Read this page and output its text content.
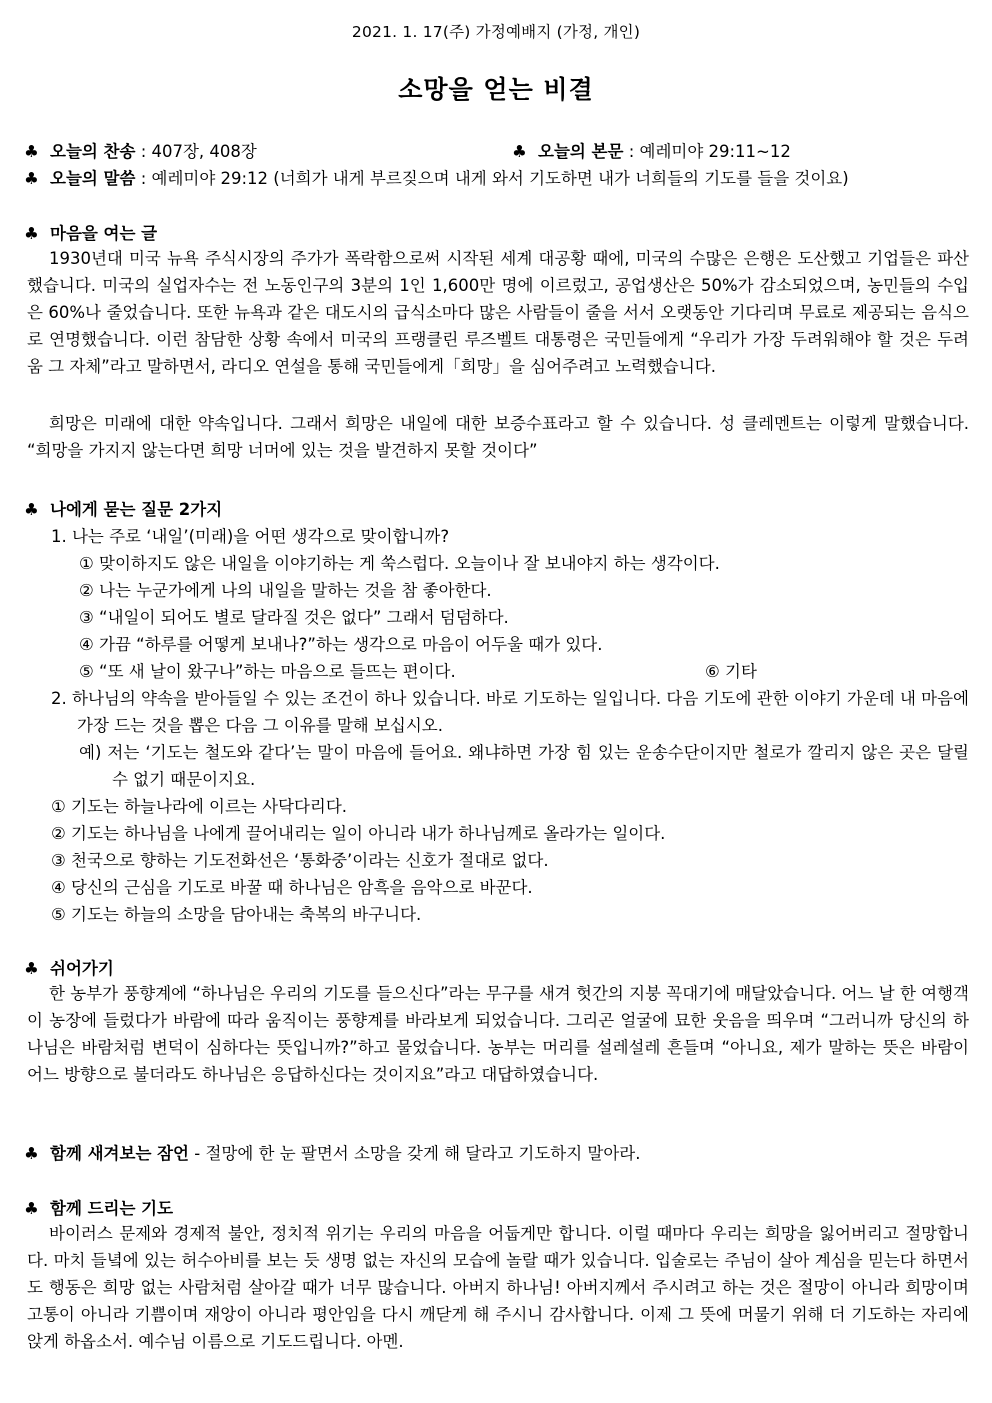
2021. 1. 17(주) 가정예배지 (가정, 개인)
소망을 얻는 비결
♣ 오늘의 찬송 : 407장, 408장	♣ 오늘의 본문 : 예레미야 29:11~12
♣ 오늘의 말씀 : 예레미야 29:12 (너희가 내게 부르짖으며 내게 와서 기도하면 내가 너희들의 기도를 들을 것이요)
♣ 마음을 여는 글

1930년대 미국 뉴욕 주식시장의 주가가 폭락함으로써 시작된 세계 대공황 때에, 미국의 수많은 은행은 도산했고 기업들은 파산했습니다. 미국의 실업자수는 전 노동인구의 3분의 1인 1,600만 명에 이르렀고, 공업생산은 50%가 감소되었으며, 농민들의 수입은 60%나 줄었습니다. 또한 뉴욕과 같은 대도시의 급식소마다 많은 사람들이 줄을 서서 오랫동안 기다리며 무료로 제공되는 음식으로 연명했습니다. 이런 참담한 상황 속에서 미국의 프랭클린 루즈벨트 대통령은 국민들에게 “우리가 가장 두려워해야 할 것은 두려움 그 자체”라고 말하면서, 라디오 연설을 통해 국민들에게「희망」을 심어주려고 노력했습니다.

희망은 미래에 대한 약속입니다. 그래서 희망은 내일에 대한 보증수표라고 할 수 있습니다. 성 클레멘트는 이렇게 말했습니다. “희망을 가지지 않는다면 희망 너머에 있는 것을 발견하지 못할 것이다”

♣ 나에게 묻는 질문 2가지
1. 나는 주로 ‘내일’(미래)을 어떤 생각으로 맞이합니까?
① 맞이하지도 않은 내일을 이야기하는 게 쑥스럽다. 오늘이나 잘 보내야지 하는 생각이다.
② 나는 누군가에게 나의 내일을 말하는 것을 참 좋아한다.
③ “내일이 되어도 별로 달라질 것은 없다” 그래서 덤덤하다.
④ 가끔 “하루를 어떻게 보내나?”하는 생각으로 마음이 어두울 때가 있다.
⑤ “또 새 날이 왔구나”하는 마음으로 들뜨는 편이다.	⑥ 기타

2. 하나님의 약속을 받아들일 수 있는 조건이 하나 있습니다. 바로 기도하는 일입니다. 다음 기도에 관한 이야기 가운데 내 마음에 가장 드는 것을 뽑은 다음 그 이유를 말해 보십시오.

예) 저는 ‘기도는 철도와 같다’는 말이 마음에 들어요. 왜냐하면 가장 힘 있는 운송수단이지만 철로가 깔리지 않은 곳은 달릴 수 없기 때문이지요.

① 기도는 하늘나라에 이르는 사닥다리다.
② 기도는 하나님을 나에게 끌어내리는 일이 아니라 내가 하나님께로 올라가는 일이다.
③ 천국으로 향하는 기도전화선은 ‘통화중’이라는 신호가 절대로 없다.
④ 당신의 근심을 기도로 바꿀 때 하나님은 암흑을 음악으로 바꾼다.
⑤ 기도는 하늘의 소망을 담아내는 축복의 바구니다.
♣ 쉬어가기

한 농부가 풍향계에 “하나님은 우리의 기도를 들으신다”라는 무구를 새겨 헛간의 지붕 꼭대기에 매달았습니다. 어느 날 한 여행객이 농장에 들렀다가 바람에 따라 움직이는 풍향계를 바라보게 되었습니다. 그리곤 얼굴에 묘한 웃음을 띄우며 “그러니까 당신의 하나님은 바람처럼 변덕이 심하다는 뜻입니까?”하고 물었습니다. 농부는 머리를 설레설레 흔들며 “아니요, 제가 말하는 뜻은 바람이 어느 방향으로 불더라도 하나님은 응답하신다는 것이지요”라고 대답하였습니다.

♣ 함께 새겨보는 잠언 - 절망에 한 눈 팔면서 소망을 갖게 해 달라고 기도하지 말아라.
♣ 함께 드리는 기도

바이러스 문제와 경제적 불안, 정치적 위기는 우리의 마음을 어둡게만 합니다. 이럴 때마다 우리는 희망을 잃어버리고 절망합니다. 마치 들녘에 있는 허수아비를 보는 듯 생명 없는 자신의 모습에 놀랄 때가 있습니다. 입술로는 주님이 살아 계심을 믿는다 하면서도 행동은 희망 없는 사람처럼 살아갈 때가 너무 많습니다. 아버지 하나님! 아버지께서 주시려고 하는 것은 절망이 아니라 희망이며 고통이 아니라 기쁨이며 재앙이 아니라 평안임을 다시 깨닫게 해 주시니 감사합니다. 이제 그 뜻에 머물기 위해 더 기도하는 자리에 앉게 하옵소서. 예수님 이름으로 기도드립니다. 아멘.
